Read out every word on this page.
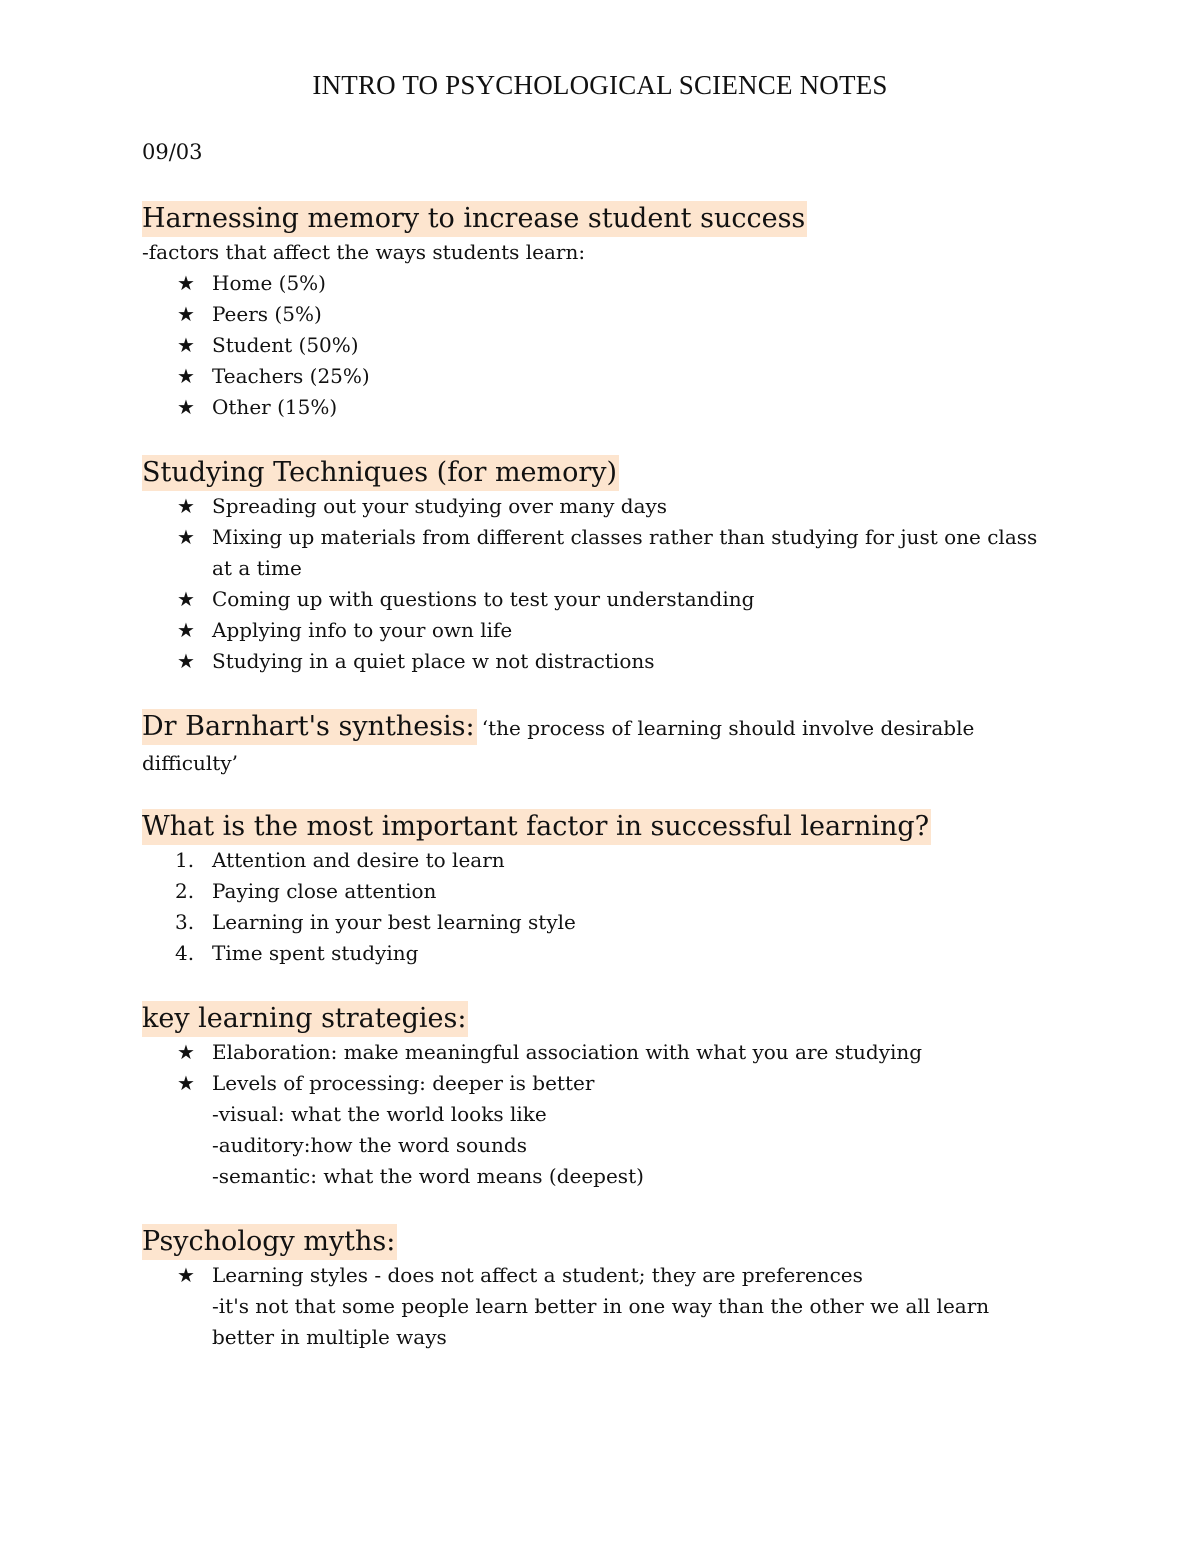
INTRO TO PSYCHOLOGICAL SCIENCE NOTES

09/03

Harnessing memory to increase student success

-factors that affect the ways students learn:

★ Home (5%)
★ Peers (5%)
★ Student (50%)
★ Teachers (25%)
★ Other (15%)
Studying Techniques (for memory)
★ Spreading out your studying over many days
★ Mixing up materials from different classes rather than studying for just one class at a time
★ Coming up with questions to test your understanding
★ Applying info to your own life
★ Studying in a quiet place w not distractions

Dr Barnhart's synthesis: ‘the process of learning should involve desirable

difficulty’

What is the most important factor in successful learning?
1. Attention and desire to learn
2. Paying close attention
3. Learning in your best learning style
4. Time spent studying
key learning strategies:
★ Elaboration: make meaningful association with what you are studying
★ Levels of processing: deeper is better
-visual: what the world looks like
-auditory:how the word sounds
-semantic: what the word means (deepest)
Psychology myths:
★ Learning styles - does not affect a student; they are preferences
-it's not that some people learn better in one way than the other we all learn
better in multiple ways
